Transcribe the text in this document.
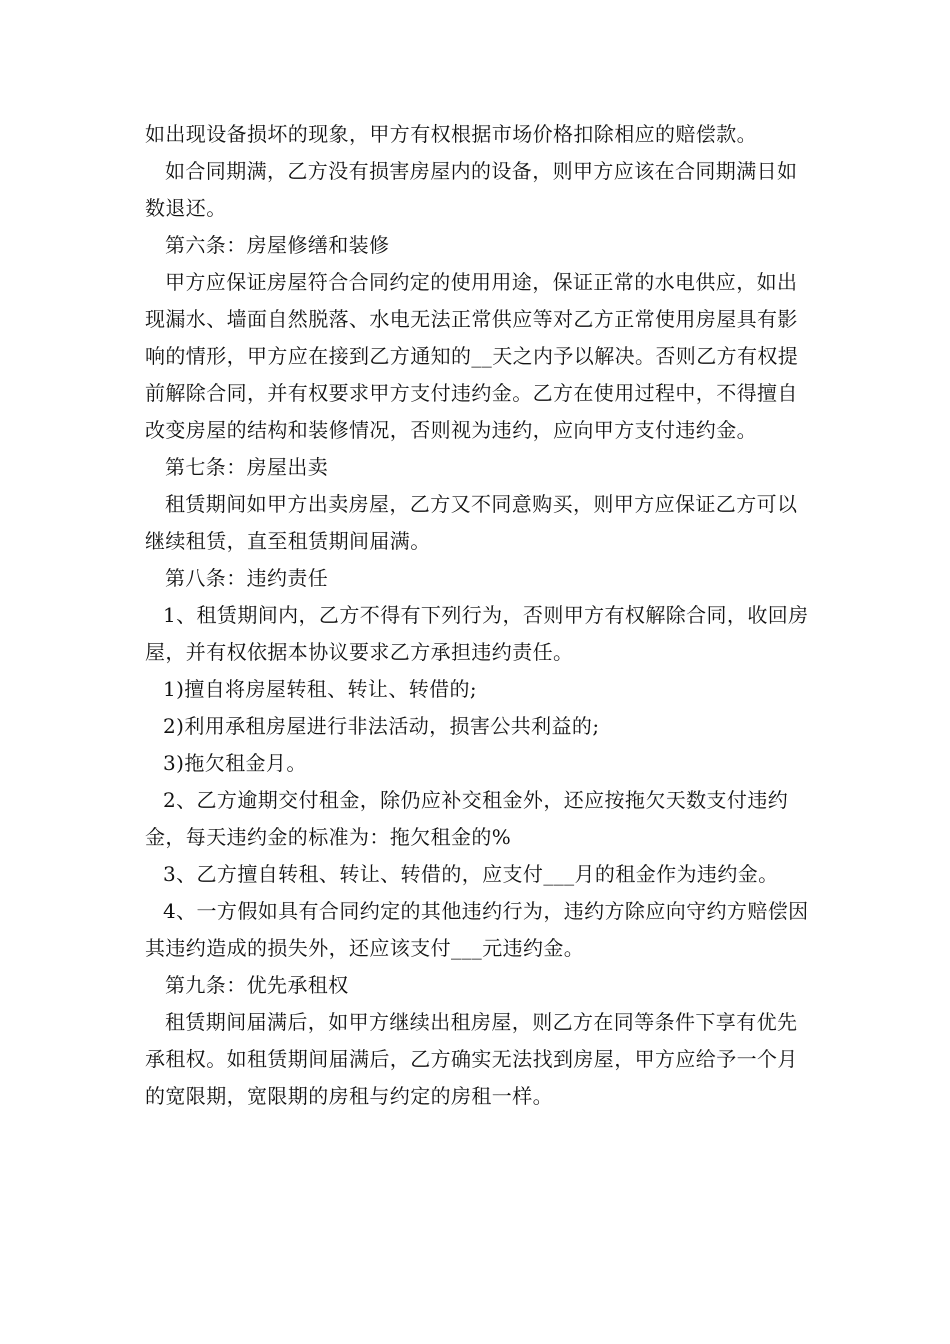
如出现设备损坏的现象，甲方有权根据市场价格扣除相应的赔偿款。

如合同期满，乙方没有损害房屋内的设备，则甲方应该在合同期满日如数退还。

第六条：房屋修缮和装修

甲方应保证房屋符合合同约定的使用用途，保证正常的水电供应，如出现漏水、墙面自然脱落、水电无法正常供应等对乙方正常使用房屋具有影响的情形，甲方应在接到乙方通知的__天之内予以解决。否则乙方有权提前解除合同，并有权要求甲方支付违约金。乙方在使用过程中，不得擅自改变房屋的结构和装修情况，否则视为违约，应向甲方支付违约金。

第七条：房屋出卖

租赁期间如甲方出卖房屋，乙方又不同意购买，则甲方应保证乙方可以继续租赁，直至租赁期间届满。

第八条：违约责任

1、租赁期间内，乙方不得有下列行为，否则甲方有权解除合同，收回房屋，并有权依据本协议要求乙方承担违约责任。

1)擅自将房屋转租、转让、转借的;

2)利用承租房屋进行非法活动，损害公共利益的;

3)拖欠租金月。

2、乙方逾期交付租金，除仍应补交租金外，还应按拖欠天数支付违约金，每天违约金的标准为：拖欠租金的%

3、乙方擅自转租、转让、转借的，应支付___月的租金作为违约金。

4、一方假如具有合同约定的其他违约行为，违约方除应向守约方赔偿因其违约造成的损失外，还应该支付___元违约金。

第九条：优先承租权

租赁期间届满后，如甲方继续出租房屋，则乙方在同等条件下享有优先承租权。如租赁期间届满后，乙方确实无法找到房屋，甲方应给予一个月的宽限期，宽限期的房租与约定的房租一样。
